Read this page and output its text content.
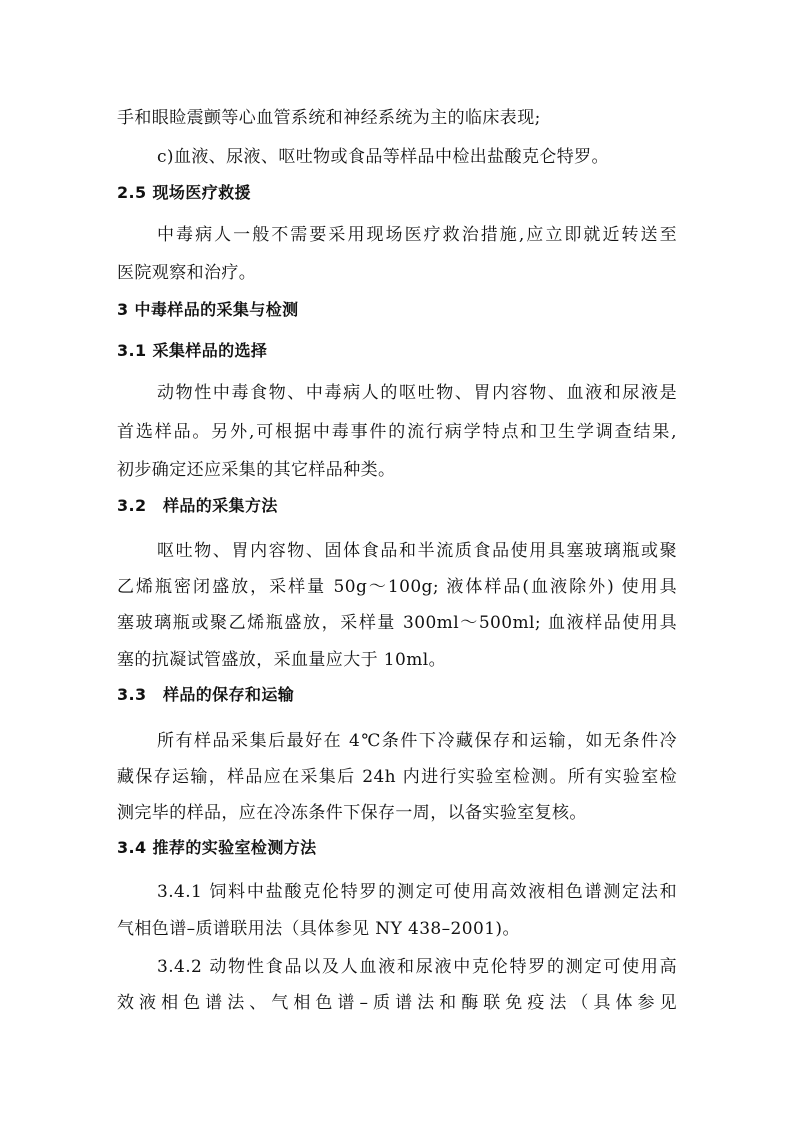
手和眼睑震颤等心血管系统和神经系统为主的临床表现;
c)血液、尿液、呕吐物或食品等样品中检出盐酸克仑特罗。
2.5 现场医疗救援
中毒病人一般不需要采用现场医疗救治措施,应立即就近转送至
医院观察和治疗。
3 中毒样品的采集与检测
3.1 采集样品的选择
动物性中毒食物、中毒病人的呕吐物、胃内容物、血液和尿液是
首选样品。另外,可根据中毒事件的流行病学特点和卫生学调查结果,
初步确定还应采集的其它样品种类。
3.2　样品的采集方法
呕吐物、胃内容物、固体食品和半流质食品使用具塞玻璃瓶或聚
乙烯瓶密闭盛放，采样量 50g～100g; 液体样品(血液除外) 使用具
塞玻璃瓶或聚乙烯瓶盛放，采样量 300ml～500ml; 血液样品使用具
塞的抗凝试管盛放，采血量应大于 10ml。
3.3　样品的保存和运输
所有样品采集后最好在 4℃条件下冷藏保存和运输，如无条件冷
藏保存运输，样品应在采集后 24h 内进行实验室检测。所有实验室检
测完毕的样品，应在冷冻条件下保存一周，以备实验室复核。
3.4 推荐的实验室检测方法
3.4.1 饲料中盐酸克伦特罗的测定可使用高效液相色谱测定法和
气相色谱–质谱联用法（具体参见 NY 438–2001)。
3.4.2 动物性食品以及人血液和尿液中克伦特罗的测定可使用高
效液相色谱法、气相色谱–质谱法和酶联免疫法（具体参见
